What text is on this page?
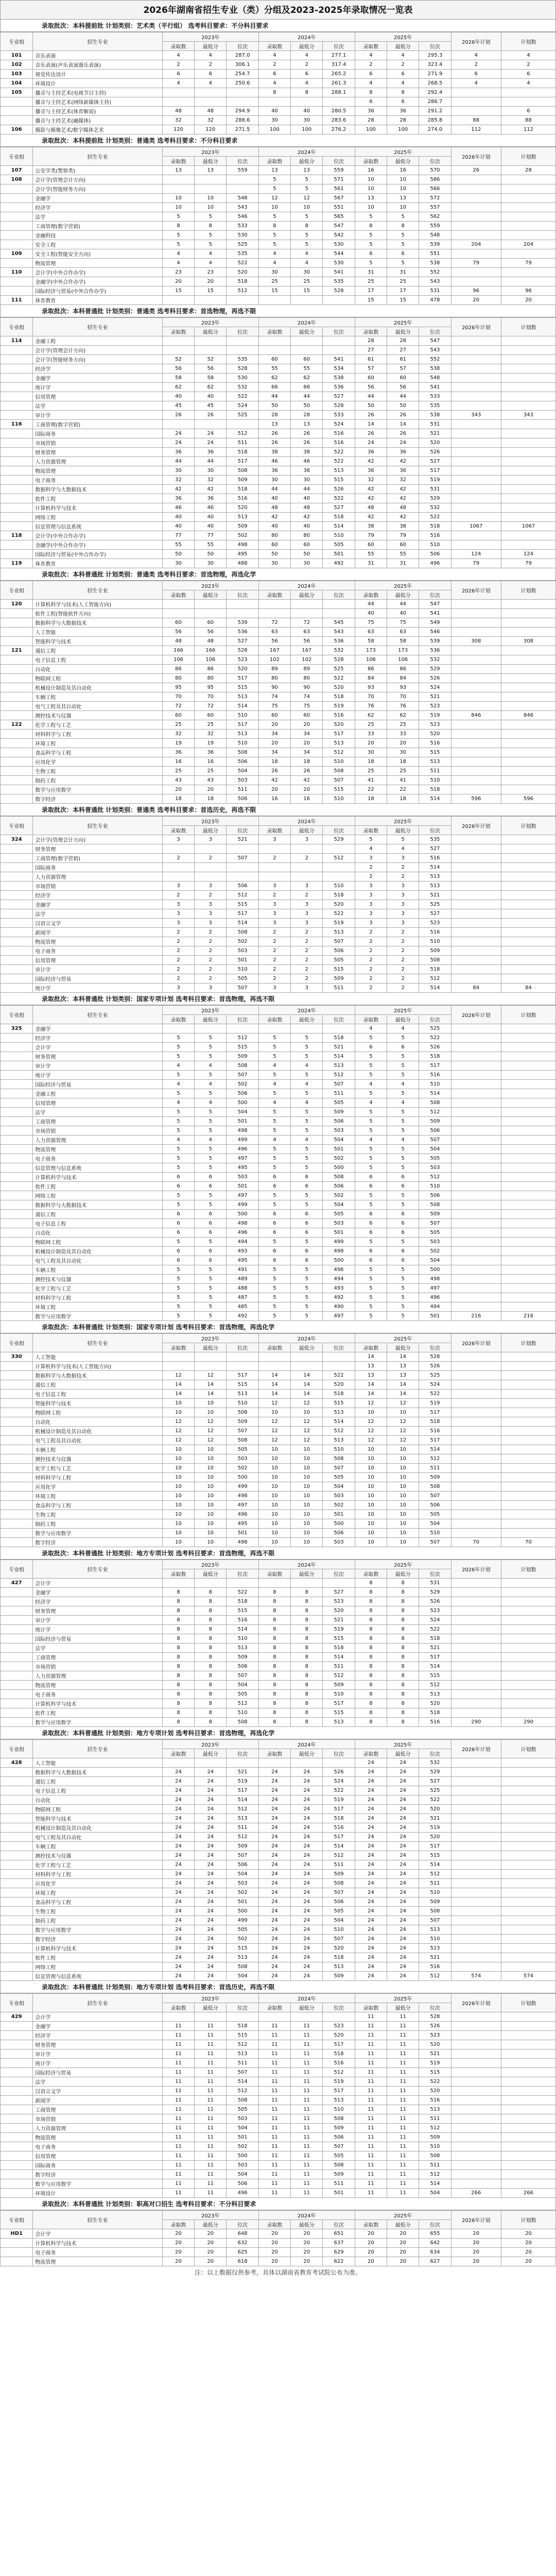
2026年湖南省招生专业（类）分组及2023-2025年录取情况一览表
录取批次：本科提前批 计划类别：艺术类（平行组） 选考科目要求：不分科目要求
专业组	招生专业	2023年			2024年			2025年			2026年计划	计划数
		录取数	最低分	位次	录取数	最低分	位次	录取数	最低分	位次		
101	音乐表演	4	4	287.0	4	4	277.1	4	4	295.3	4	4
102	音乐表演(声乐表演器乐表演)	2	2	306.1	2	2	317.4	2	2	323.4	2	2
103	视觉传达设计	6	6	254.7	6	6	265.2	6	6	271.9	6	6
104	环境设计	4	4	250.6	4	4	261.3	4	4	268.5	4	4
105	播音与主持艺术(电视节目主持)				8	8	288.1	8	8	292.4		
	播音与主持艺术(网络新媒体主持)							6	6	286.7		
	播音与主持艺术(体育解说)	48	48	294.9	40	40	280.5	36	36	291.2		6
	播音与主持艺术(融媒体)	32	32	288.6	30	30	283.6	28	28	285.8	88	88
106	摄影与摄像艺术/数字媒体艺术	120	120	271.5	100	100	276.2	100	100	274.0	112	112
录取批次：本科提前批 计划类别：普通类 选考科目要求：不分科目要求
专业组	招生专业	2023年			2024年			2025年			2026年计划	计划数
		录取数	最低分	位次	录取数	最低分	位次	录取数	最低分	位次		
107	公安学类(警察类)	13	13	559	13	13	559	16	16	570	26	28
108	会计学(管理会计方向)				5	5	571	10	10	586		
	会计学(智能财务方向)				5	5	561	10	10	566		
	金融学	10	10	548	12	12	567	13	13	572		
	经济学	10	10	543	10	10	551	10	10	557		
	法学	5	5	546	5	5	565	5	5	562		
	工商管理(数字营销)	8	8	533	8	8	547	8	8	559		
	金融科技	5	5	530	5	5	542	5	5	548		
	安全工程	5	5	525	5	5	530	5	5	539	204	204
109	安全工程(智能安全方向)	4	4	535	4	4	544	6	6	551		
	物流管理	4	4	522	4	4	530	5	5	538	79	79
110	会计学(中外合作办学)	23	23	520	30	30	541	31	31	552		
	金融学(中外合作办学)	20	20	518	25	25	535	25	25	543		
	国际经济与贸易(中外合作办学)	15	15	512	15	15	528	17	17	531	96	96
111	体育教育							15	15	478	20	20
录取批次：本科普通批 计划类别：普通类 选考科目要求：首选物理，再选不限
专业组	招生专业	2023年			2024年			2025年			2026年计划	计划数
		录取数	最低分	位次	录取数	最低分	位次	录取数	最低分	位次		
114	金融工程							28	28	547		
	会计学(管理会计方向)							27	27	543		
	会计学(智能财务方向)	52	52	535	60	60	541	61	61	552		
	经济学	56	56	528	55	55	534	57	57	538		
	金融学	58	58	530	62	62	538	60	60	548		
	统计学	62	62	532	66	66	536	56	56	541		
	信用管理	40	40	522	44	44	527	44	44	533		
	法学	45	45	524	50	50	528	50	50	535		
	审计学	26	26	525	28	28	533	26	26	538	343	343
116	工商管理(数字营销)				13	13	524	14	14	531		
	国际商务	24	24	512	26	26	516	26	26	521		
	市场营销	24	24	511	26	26	516	24	24	520		
	财务管理	36	36	518	38	38	522	36	36	526		
	人力资源管理	44	44	517	46	46	522	42	42	527		
	物流管理	30	30	508	36	36	513	36	36	517		
	电子商务	32	32	509	30	30	515	32	32	519		
	数据科学与大数据技术	42	42	518	44	44	526	42	42	531		
	软件工程	36	36	516	40	40	522	42	42	529		
	计算机科学与技术	46	46	520	48	48	527	48	48	532		
	网络工程	40	40	513	42	42	518	42	42	522		
	信息管理与信息系统	40	40	509	40	40	514	38	38	518	1067	1067
118	会计学(中外合作办学)	77	77	502	80	80	510	79	79	516		
	金融学(中外合作办学)	55	55	498	60	60	505	60	60	510		
	国际经济与贸易(中外合作办学)	50	50	495	50	50	501	55	55	506	124	124
119	体育教育	30	30	488	30	30	492	31	31	496	79	79
录取批次：本科普通批 计划类别：普通类 选考科目要求：首选物理，再选化学
专业组	招生专业	2023年			2024年			2025年			2026年计划	计划数
		录取数	最低分	位次	录取数	最低分	位次	录取数	最低分	位次		
120	计算机科学与技术(人工智能方向)							44	44	547		
	软件工程(智能软件方向)							40	40	541		
	数据科学与大数据技术	60	60	539	72	72	545	75	75	549		
	人工智能	56	56	536	63	63	543	63	63	546		
	智能科学与技术	48	48	527	56	56	536	58	58	539	308	308
121	通信工程	166	166	528	167	167	532	173	173	536		
	电子信息工程	106	106	523	102	102	528	106	106	532		
	自动化	86	86	520	89	89	525	86	86	529		
	物联网工程	80	80	517	80	80	522	84	84	526		
	机械设计制造及其自动化	95	95	515	90	90	520	93	93	524		
	车辆工程	70	70	513	74	74	518	70	70	521		
	电气工程及其自动化	72	72	514	75	75	519	76	76	523		
	测控技术与仪器	60	60	510	60	60	516	62	62	519	846	846
122	化学工程与工艺	25	25	517	20	20	520	25	25	523		
	材料科学与工程	32	32	513	34	34	517	33	33	520		
	环境工程	19	19	510	20	20	513	20	20	516		
	食品科学与工程	36	36	508	34	34	512	30	30	515		
	应用化学	16	16	506	18	18	510	18	18	513		
	生物工程	25	25	504	26	26	508	25	25	511		
	制药工程	43	43	503	42	42	507	41	41	510		
	数学与应用数学	20	20	511	20	20	515	22	22	518		
	数字经济	18	18	506	16	16	510	18	18	514	596	596
录取批次：本科普通批 计划类别：普通类 选考科目要求：首选历史，再选不限
专业组	招生专业	2023年			2024年			2025年			2026年计划	计划数
		录取数	最低分	位次	录取数	最低分	位次	录取数	最低分	位次		
324	会计学(管理会计方向)	3	3	521	3	3	529	5	5	535		
	财务管理							4	4	527		
	工商管理(数字营销)	2	2	507	2	2	512	3	3	516		
	国际商务							2	2	514		
	人力资源管理							2	2	513		
	市场营销	3	3	506	3	3	510	3	3	513		
	经济学	2	2	512	2	2	518	3	3	521		
	金融学	3	3	515	3	3	520	3	3	525		
	法学	3	3	517	3	3	522	3	3	527		
	汉语言文学	3	3	514	3	3	519	3	3	523		
	新闻学	2	2	508	2	2	513	2	2	516		
	物流管理	2	2	502	2	2	507	2	2	510		
	电子商务	2	2	503	2	2	506	2	2	509		
	信用管理	2	2	501	2	2	505	2	2	508		
	审计学	2	2	510	2	2	515	2	2	518		
	国际经济与贸易	2	2	505	2	2	509	2	2	512		
	统计学	3	3	507	3	3	511	2	2	514	84	84
录取批次：本科普通批 计划类别：国家专项计划 选考科目要求：首选物理，再选不限
专业组	招生专业	2023年			2024年			2025年			2026年计划	计划数
		录取数	最低分	位次	录取数	最低分	位次	录取数	最低分	位次		
325	金融学							4	4	525		
	经济学	5	5	512	5	5	518	5	5	522		
	会计学	5	5	515	5	5	521	6	6	526		
	财务管理	5	5	509	5	5	514	5	5	518		
	审计学	4	4	508	4	4	513	5	5	517		
	统计学	5	5	507	5	5	512	5	5	516		
	国际经济与贸易	4	4	502	4	4	507	4	4	510		
	金融工程	5	5	506	5	5	511	5	5	514		
	信用管理	4	4	500	4	4	505	4	4	508		
	法学	5	5	504	5	5	509	5	5	512		
	工商管理	5	5	501	5	5	506	5	5	509		
	市场营销	5	5	498	5	5	503	5	5	506		
	人力资源管理	4	4	499	4	4	504	4	4	507		
	物流管理	5	5	496	5	5	501	5	5	504		
	电子商务	5	5	497	5	5	502	5	5	505		
	信息管理与信息系统	5	5	495	5	5	500	5	5	503		
	计算机科学与技术	6	6	503	6	6	508	6	6	512		
	软件工程	6	6	501	6	6	506	6	6	510		
	网络工程	5	5	497	5	5	502	5	5	506		
	数据科学与大数据技术	5	5	499	5	5	504	5	5	508		
	通信工程	6	6	500	6	6	505	6	6	509		
	电子信息工程	6	6	498	6	6	503	6	6	507		
	自动化	6	6	496	6	6	501	6	6	505		
	物联网工程	5	5	494	5	5	499	5	5	503		
	机械设计制造及其自动化	6	6	493	6	6	498	6	6	502		
	电气工程及其自动化	6	6	495	6	6	500	6	6	504		
	车辆工程	5	5	491	5	5	496	5	5	500		
	测控技术与仪器	5	5	489	5	5	494	5	5	498		
	化学工程与工艺	5	5	488	5	5	493	5	5	497		
	材料科学与工程	5	5	487	5	5	492	5	5	496		
	环境工程	5	5	485	5	5	490	5	5	494		
	数学与应用数学	5	5	492	5	5	497	5	5	501	216	216
录取批次：本科普通批 计划类别：国家专项计划 选考科目要求：首选物理，再选化学
专业组	招生专业	2023年			2024年			2025年			2026年计划	计划数
		录取数	最低分	位次	录取数	最低分	位次	录取数	最低分	位次		
330	人工智能							14	14	528		
	计算机科学与技术(人工智能方向)							13	13	526		
	数据科学与大数据技术	12	12	517	14	14	522	13	13	525		
	通信工程	14	14	515	14	14	520	14	14	524		
	电子信息工程	14	14	513	14	14	518	14	14	522		
	智能科学与技术	10	10	510	12	12	515	12	12	519		
	物联网工程	10	10	508	10	10	513	10	10	517		
	自动化	12	12	509	12	12	514	12	12	518		
	机械设计制造及其自动化	12	12	507	12	12	512	12	12	516		
	电气工程及其自动化	12	12	508	12	12	513	12	12	517		
	车辆工程	10	10	505	10	10	510	10	10	514		
	测控技术与仪器	10	10	503	10	10	508	10	10	512		
	化学工程与工艺	10	10	502	10	10	507	10	10	511		
	材料科学与工程	10	10	500	10	10	505	10	10	509		
	应用化学	10	10	499	10	10	504	10	10	508		
	环境工程	10	10	498	10	10	503	10	10	507		
	食品科学与工程	10	10	497	10	10	502	10	10	506		
	生物工程	10	10	496	10	10	501	10	10	505		
	制药工程	10	10	495	10	10	500	10	10	504		
	数学与应用数学	10	10	501	10	10	506	10	10	510		
	数字经济	10	10	498	10	10	503	10	10	507	70	70
录取批次：本科普通批 计划类别：地方专项计划 选考科目要求：首选物理，再选不限
专业组	招生专业	2023年			2024年			2025年			2026年计划	计划数
		录取数	最低分	位次	录取数	最低分	位次	录取数	最低分	位次		
427	会计学							8	8	531		
	金融学	8	8	522	8	8	527	8	8	529		
	经济学	8	8	518	8	8	523	8	8	526		
	财务管理	8	8	515	8	8	520	8	8	523		
	审计学	8	8	516	8	8	521	8	8	524		
	统计学	8	8	514	8	8	519	8	8	522		
	国际经济与贸易	8	8	510	8	8	515	8	8	518		
	法学	8	8	513	8	8	518	8	8	521		
	工商管理	8	8	509	8	8	514	8	8	517		
	市场营销	8	8	506	8	8	511	8	8	514		
	人力资源管理	8	8	507	8	8	512	8	8	515		
	物流管理	8	8	504	8	8	509	8	8	512		
	电子商务	8	8	505	8	8	510	8	8	513		
	计算机科学与技术	8	8	512	8	8	517	8	8	520		
	软件工程	8	8	510	8	8	515	8	8	518		
	数学与应用数学	8	8	508	8	8	513	8	8	516	290	290
录取批次：本科普通批 计划类别：地方专项计划 选考科目要求：首选物理，再选化学
专业组	招生专业	2023年			2024年			2025年			2026年计划	计划数
		录取数	最低分	位次	录取数	最低分	位次	录取数	最低分	位次		
428	人工智能							24	24	532		
	数据科学与大数据技术	24	24	521	24	24	526	24	24	529		
	通信工程	24	24	519	24	24	524	24	24	527		
	电子信息工程	24	24	517	24	24	522	24	24	525		
	自动化	24	24	514	24	24	519	24	24	522		
	物联网工程	24	24	512	24	24	517	24	24	520		
	智能科学与技术	24	24	513	24	24	518	24	24	521		
	机械设计制造及其自动化	24	24	511	24	24	516	24	24	519		
	电气工程及其自动化	24	24	512	24	24	517	24	24	520		
	车辆工程	24	24	509	24	24	514	24	24	517		
	测控技术与仪器	24	24	507	24	24	512	24	24	515		
	化学工程与工艺	24	24	506	24	24	511	24	24	514		
	材料科学与工程	24	24	504	24	24	509	24	24	512		
	应用化学	24	24	503	24	24	508	24	24	511		
	环境工程	24	24	502	24	24	507	24	24	510		
	食品科学与工程	24	24	501	24	24	506	24	24	509		
	生物工程	24	24	500	24	24	505	24	24	508		
	制药工程	24	24	499	24	24	504	24	24	507		
	数学与应用数学	24	24	505	24	24	510	24	24	513		
	数字经济	24	24	502	24	24	507	24	24	510		
	计算机科学与技术	24	24	515	24	24	520	24	24	523		
	软件工程	24	24	513	24	24	518	24	24	521		
	网络工程	24	24	508	24	24	513	24	24	516		
	信息管理与信息系统	24	24	504	24	24	509	24	24	512	574	574
录取批次：本科普通批 计划类别：地方专项计划 选考科目要求：首选历史，再选不限
专业组	招生专业	2023年			2024年			2025年			2026年计划	计划数
		录取数	最低分	位次	录取数	最低分	位次	录取数	最低分	位次		
429	会计学							11	11	528		
	金融学	11	11	518	11	11	523	11	11	526		
	经济学	11	11	515	11	11	520	11	11	523		
	财务管理	11	11	512	11	11	517	11	11	520		
	审计学	11	11	513	11	11	518	11	11	521		
	统计学	11	11	511	11	11	516	11	11	519		
	国际经济与贸易	11	11	507	11	11	512	11	11	515		
	法学	11	11	514	11	11	519	11	11	522		
	汉语言文学	11	11	512	11	11	517	11	11	520		
	新闻学	11	11	508	11	11	513	11	11	516		
	工商管理	11	11	505	11	11	510	11	11	513		
	市场营销	11	11	503	11	11	508	11	11	511		
	人力资源管理	11	11	504	11	11	509	11	11	512		
	物流管理	11	11	501	11	11	506	11	11	509		
	电子商务	11	11	502	11	11	507	11	11	510		
	信用管理	11	11	500	11	11	505	11	11	508		
	国际商务	11	11	503	11	11	508	11	11	511		
	数字经济	11	11	504	11	11	509	11	11	512		
	数学与应用数学	11	11	506	11	11	511	11	11	514		
	环境设计	11	11	496	11	11	501	11	11	504	266	266
录取批次：本科普通批 计划类别：职高对口招生 选考科目要求：不分科目要求
专业组	招生专业	2023年			2024年			2025年			2026年计划	计划数
		录取数	最低分	位次	录取数	最低分	位次	录取数	最低分	位次		
HD1	会计学	20	20	648	20	20	651	20	20	655	20	20
	计算机科学与技术	20	20	632	20	20	637	20	20	642	20	20
	电子商务	20	20	625	20	20	629	20	20	634	20	20
	物流管理	20	20	618	20	20	622	20	20	627	20	20
注：以上数据仅供参考，具体以湖南省教育考试院公布为准。
